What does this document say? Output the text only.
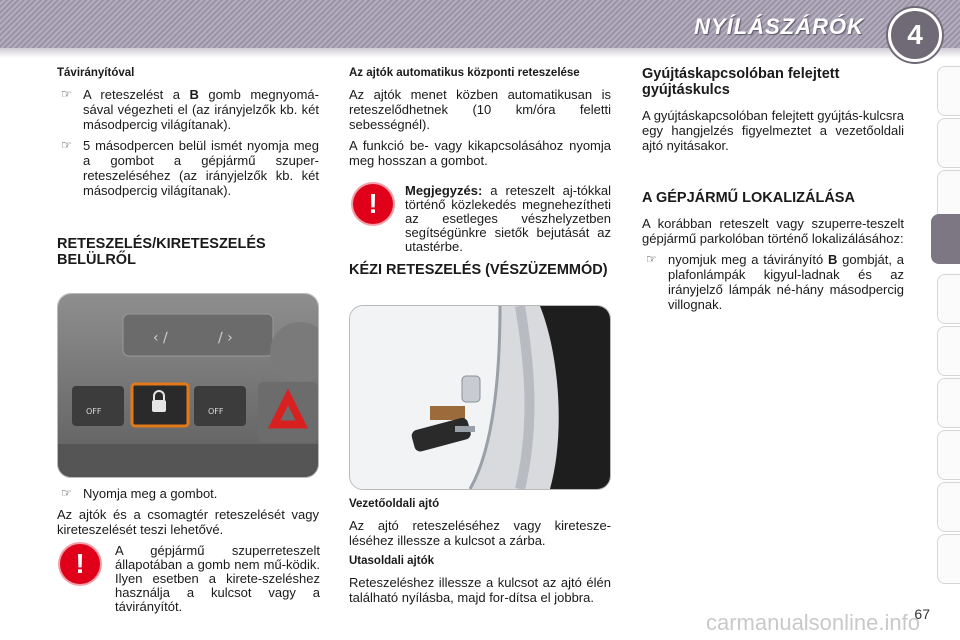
NYÍLÁSZÁRÓK	4
Távirányítóval
☞ A reteszelést a B gomb megnyomá-sával végezheti el (az irányjelzők kb. két másodpercig világítanak).
☞ 5 másodpercen belül ismét nyomja meg a gombot a gépjármű szuper-reteszeléséhez (az irányjelzők kb. két másodpercig világítanak).
RETESZELÉS/KIRETESZELÉS BELÜLRŐL
‹ ∕	∕ ›
OFF	OFF
☞ Nyomja meg a gombot.

Az ajtók és a csomagtér reteszelését vagy kireteszelését teszi lehetővé.

!	A gépjármű szuperreteszelt állapotában a gomb nem mű-ködik. Ilyen esetben a kirete-szeléshez használja a kulcsot vagy a távirányítót.
Az ajtók automatikus központi reteszelése

Az ajtók menet közben automatikusan is reteszelődhetnek (10 km/óra feletti sebességnél).

A funkció be- vagy kikapcsolásához nyomja meg hosszan a gombot.

!	Megjegyzés: a reteszelt aj-tókkal történő közlekedés megnehezítheti az esetleges vészhelyzetben segítségünkre sietők bejutását az utastérbe.
KÉZI RETESZELÉS (VÉSZÜZEMMÓD)
Vezetőoldali ajtó

Az ajtó reteszeléséhez vagy kiretesze-léséhez illessze a kulcsot a zárba.

Utasoldali ajtók

Reteszeléshez illessze a kulcsot az ajtó élén található nyílásba, majd for-dítsa el jobbra.

Gyújtáskapcsolóban felejtett gyújtáskulcs

A gyújtáskapcsolóban felejtett gyújtás-kulcsra egy hangjelzés figyelmeztet a vezetőoldali ajtó nyitásakor.

A GÉPJÁRMŰ LOKALIZÁLÁSA

A korábban reteszelt vagy szuperre-teszelt gépjármű parkolóban történő lokalizálásához:

☞ nyomjuk meg a távirányító B gombját, a plafonlámpák kigyul-ladnak és az irányjelző lámpák né-hány másodpercig villognak.
67
carmanualsonline.info
